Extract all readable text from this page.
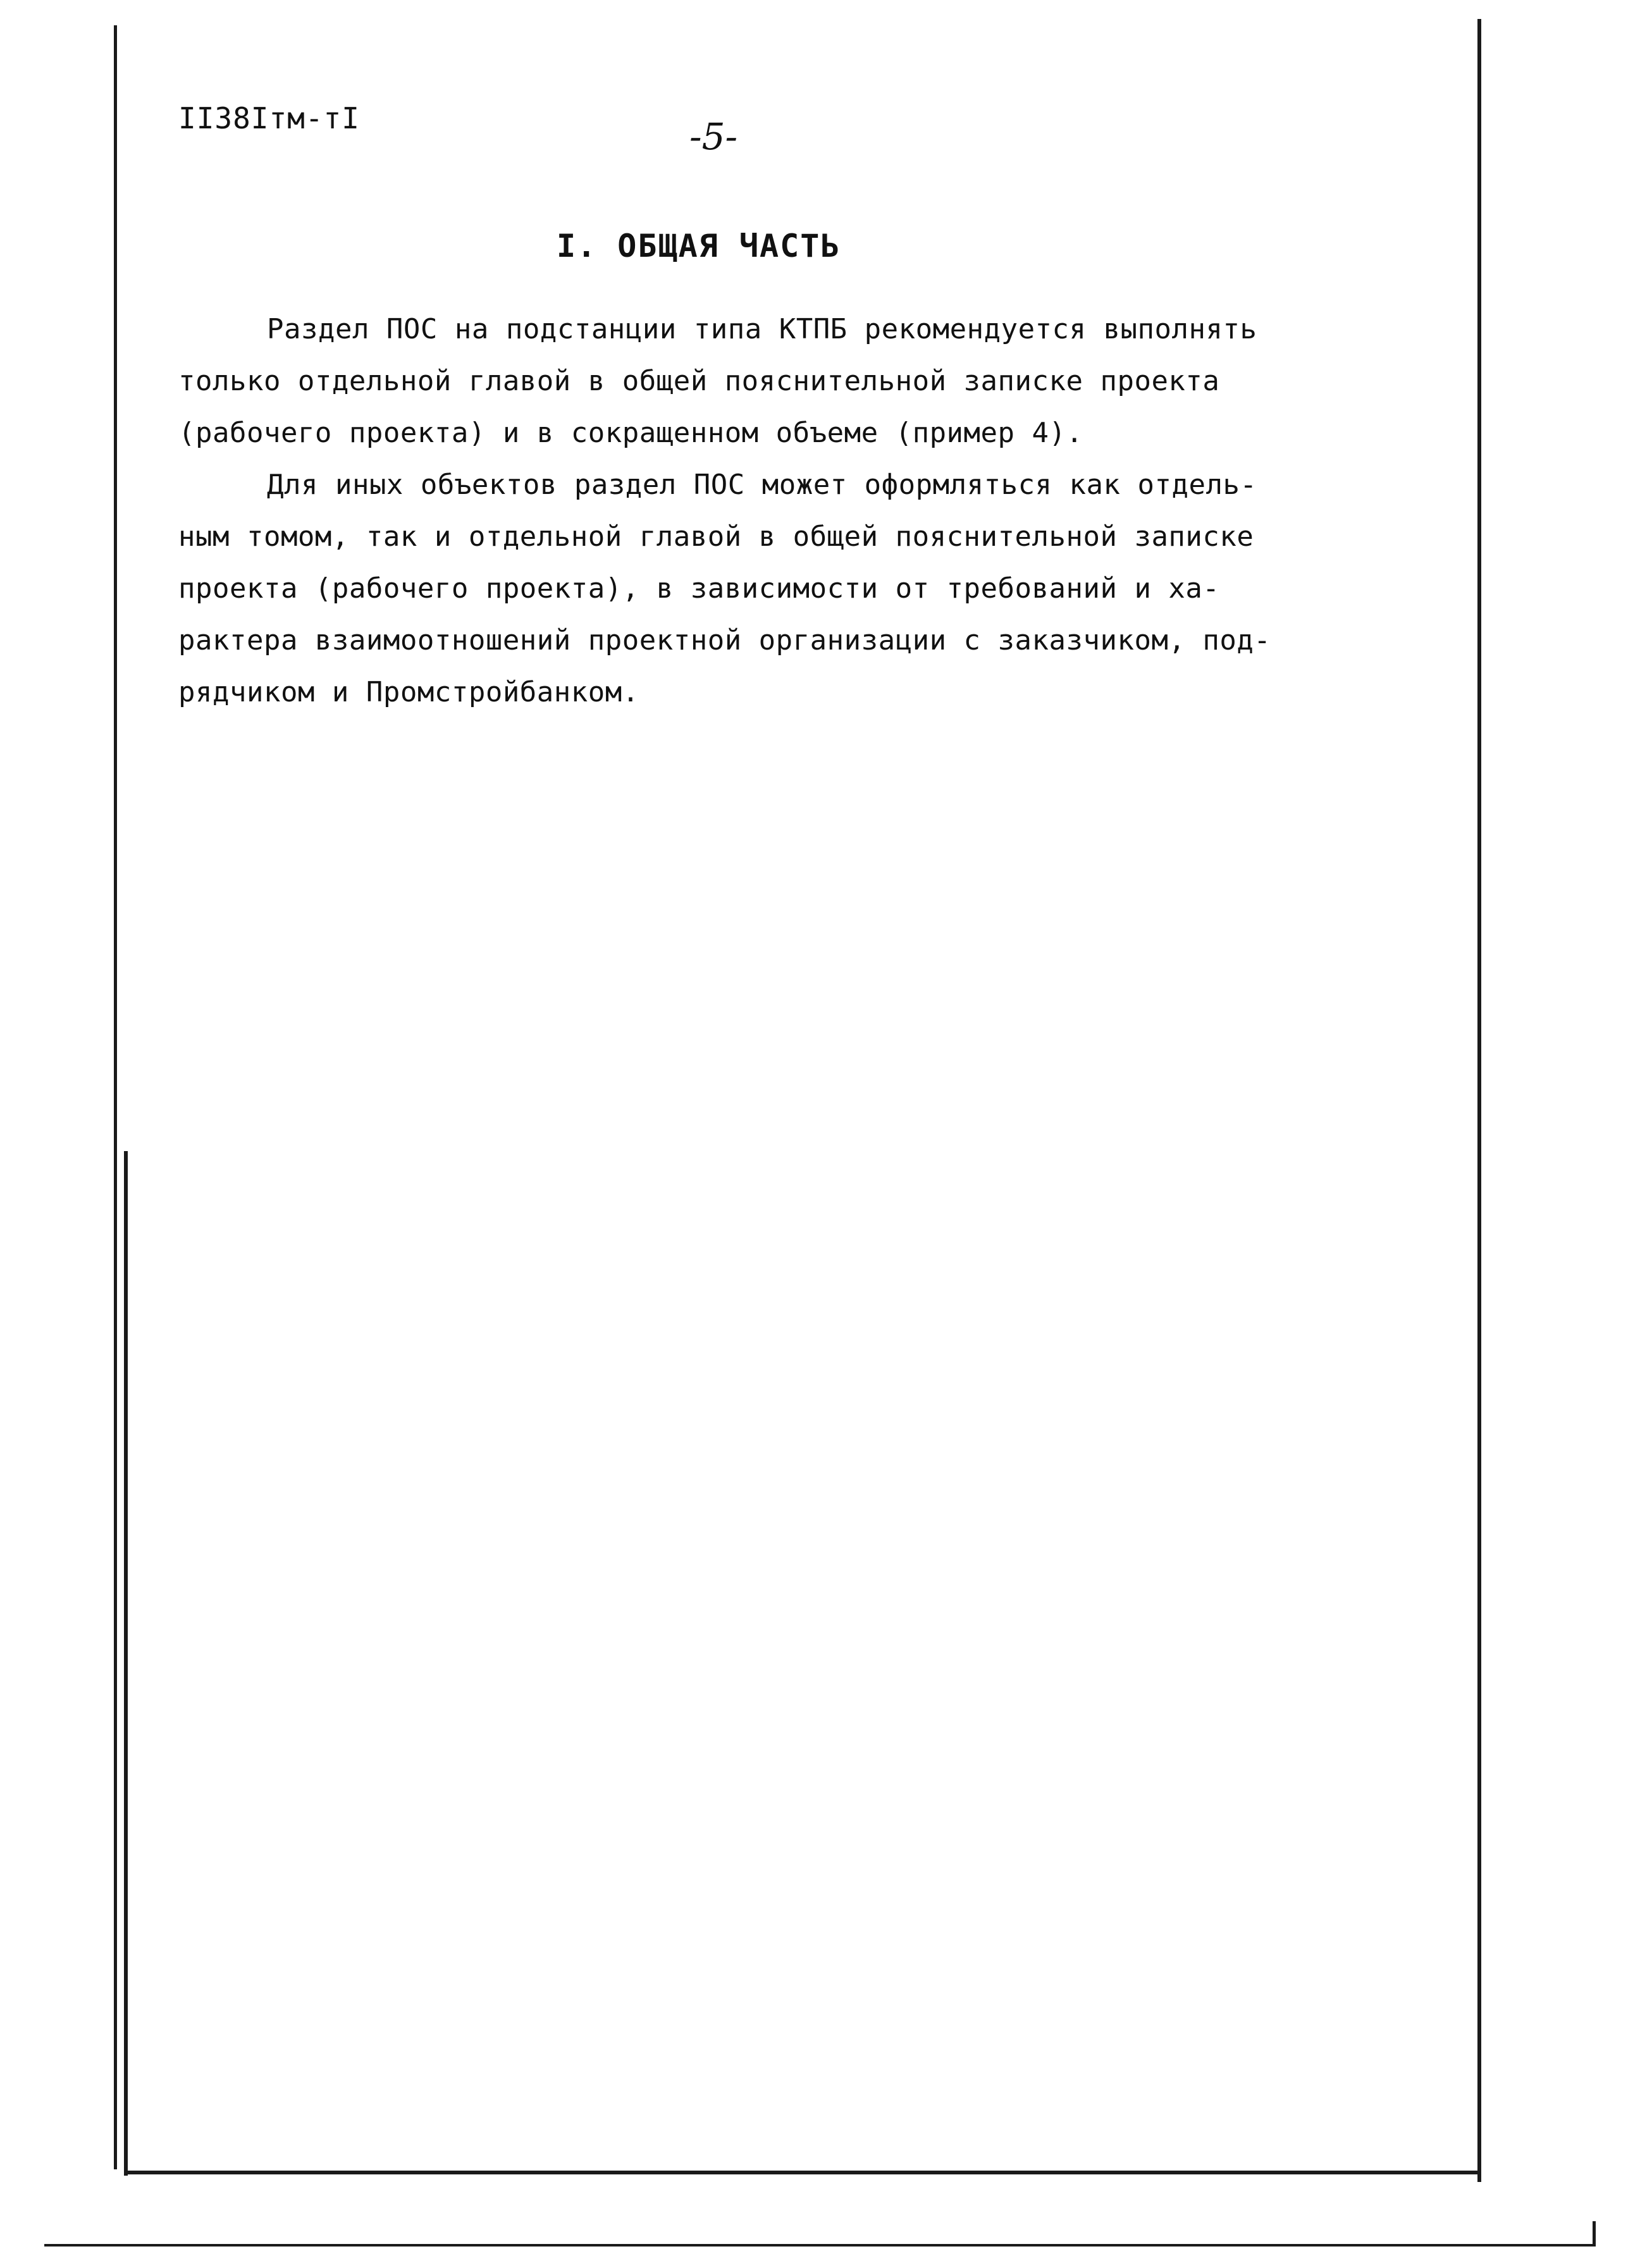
II38Iтм-тI	-5-
I. ОБЩАЯ ЧАСТЬ
Раздел ПОС на подстанции типа КТПБ рекомендуется выполнять
только отдельной главой в общей пояснительной записке проекта
(рабочего проекта) и в сокращенном объеме (пример 4).
Для иных объектов раздел ПОС может оформляться как отдель-
ным томом, так и отдельной главой в общей пояснительной записке
проекта (рабочего проекта), в зависимости от требований и ха-
рактера взаимоотношений проектной организации с заказчиком, под-
рядчиком и Промстройбанком.
